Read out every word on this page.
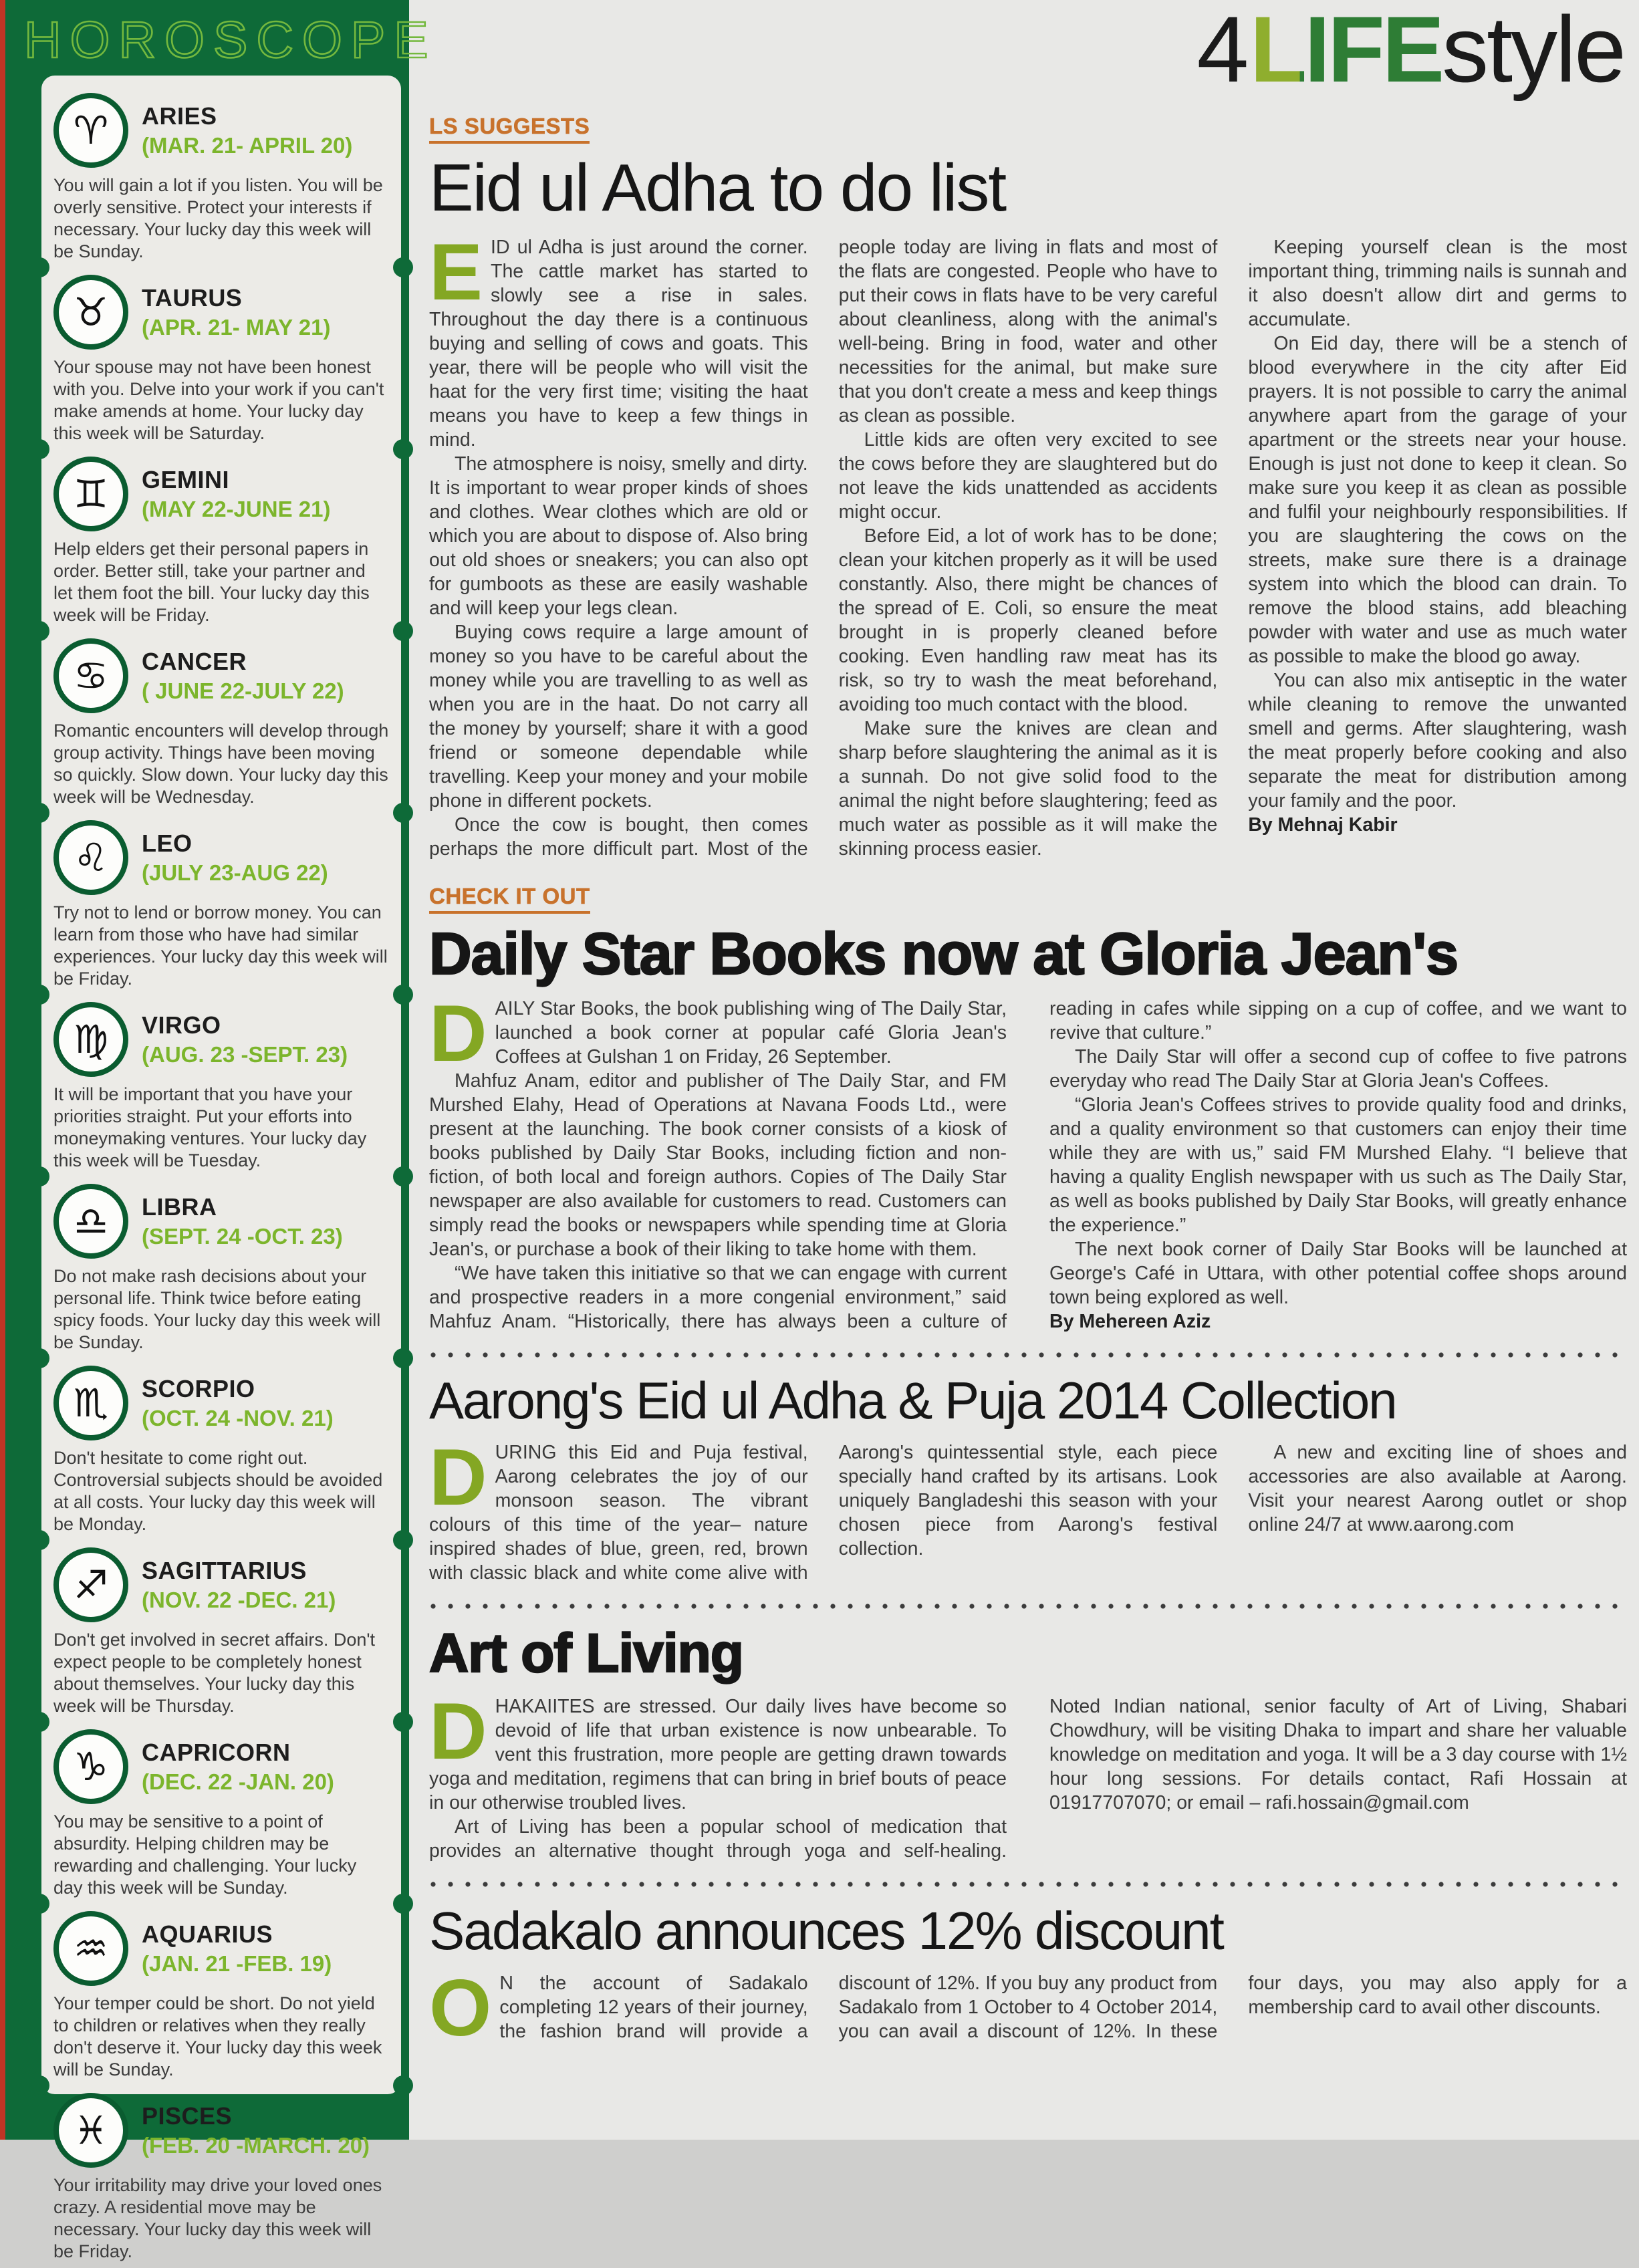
HOROSCOPE
♈ ARIES
(MAR. 21- APRIL 20)

You will gain a lot if you listen. You will be overly sensitive. Protect your interests if necessary. Your lucky day this week will be Sunday.

♉ TAURUS
(APR. 21- MAY 21)

Your spouse may not have been honest with you. Delve into your work if you can't make amends at home. Your lucky day this week will be Saturday.

♊ GEMINI
(MAY 22-JUNE 21)

Help elders get their personal papers in order. Better still, take your partner and let them foot the bill. Your lucky day this week will be Friday.

♋ CANCER
( JUNE 22-JULY 22)

Romantic encounters will develop through group activity. Things have been moving so quickly. Slow down. Your lucky day this week will be Wednesday.

♌ LEO
(JULY 23-AUG 22)

Try not to lend or borrow money. You can learn from those who have had similar experiences. Your lucky day this week will be Friday.

♍ VIRGO
(AUG. 23 -SEPT. 23)

It will be important that you have your priorities straight. Put your efforts into moneymaking ventures. Your lucky day this week will be Tuesday.

♎ LIBRA
(SEPT. 24 -OCT. 23)

Do not make rash decisions about your personal life. Think twice before eating spicy foods. Your lucky day this week will be Sunday.

♏ SCORPIO
(OCT. 24 -NOV. 21)

Don't hesitate to come right out. Controversial subjects should be avoided at all costs. Your lucky day this week will be Monday.

♐ SAGITTARIUS
(NOV. 22 -DEC. 21)

Don't get involved in secret affairs. Don't expect people to be completely honest about themselves. Your lucky day this week will be Thursday.

♑ CAPRICORN
(DEC. 22 -JAN. 20)

You may be sensitive to a point of absurdity. Helping children may be rewarding and challenging. Your lucky day this week will be Sunday.

♒ AQUARIUS
(JAN. 21 -FEB. 19)

Your temper could be short. Do not yield to children or relatives when they really don't deserve it. Your lucky day this week will be Sunday.

♓ PISCES
(FEB. 20 -MARCH. 20)

Your irritability may drive your loved ones crazy. A residential move may be necessary. Your lucky day this week will be Friday.

4 LIFEstyle
LS SUGGESTS
Eid ul Adha to do list

EID ul Adha is just around the corner. The cattle market has started to slowly see a rise in sales. Throughout the day there is a continuous buying and selling of cows and goats. This year, there will be people who will visit the haat for the very first time; visiting the haat means you have to keep a few things in mind.

The atmosphere is noisy, smelly and dirty. It is important to wear proper kinds of shoes and clothes. Wear clothes which are old or which you are about to dispose of. Also bring out old shoes or sneakers; you can also opt for gumboots as these are easily washable and will keep your legs clean.

Buying cows require a large amount of money so you have to be careful about the money while you are travelling to as well as when you are in the haat. Do not carry all the money by yourself; share it with a good friend or someone dependable while travelling. Keep your money and your mobile phone in different pockets.

Once the cow is bought, then comes perhaps the more difficult part. Most of the people today are living in flats and most of the flats are congested. People who have to put their cows in flats have to be very careful about cleanliness, along with the animal's well-being. Bring in food, water and other necessities for the animal, but make sure that you don't create a mess and keep things as clean as possible.

Little kids are often very excited to see the cows before they are slaughtered but do not leave the kids unattended as accidents might occur.

Before Eid, a lot of work has to be done; clean your kitchen properly as it will be used constantly. Also, there might be chances of the spread of E. Coli, so ensure the meat brought in is properly cleaned before cooking. Even handling raw meat has its risk, so try to wash the meat beforehand, avoiding too much contact with the blood.

Make sure the knives are clean and sharp before slaughtering the animal as it is a sunnah. Do not give solid food to the animal the night before slaughtering; feed as much water as possible as it will make the skinning process easier.

Keeping yourself clean is the most important thing, trimming nails is sunnah and it also doesn't allow dirt and germs to accumulate.

On Eid day, there will be a stench of blood everywhere in the city after Eid prayers. It is not possible to carry the animal anywhere apart from the garage of your apartment or the streets near your house. Enough is just not done to keep it clean. So make sure you keep it as clean as possible and fulfil your neighbourly responsibilities. If you are slaughtering the cows on the streets, make sure there is a drainage system into which the blood can drain. To remove the blood stains, add bleaching powder with water and use as much water as possible to make the blood go away.

You can also mix antiseptic in the water while cleaning to remove the unwanted smell and germs. After slaughtering, wash the meat properly before cooking and also separate the meat for distribution among your family and the poor.

By Mehnaj Kabir

CHECK IT OUT
Daily Star Books now at Gloria Jean's

DAILY Star Books, the book publishing wing of The Daily Star, launched a book corner at popular café Gloria Jean's Coffees at Gulshan 1 on Friday, 26 September.

Mahfuz Anam, editor and publisher of The Daily Star, and FM Murshed Elahy, Head of Operations at Navana Foods Ltd., were present at the launching. The book corner consists of a kiosk of books published by Daily Star Books, including fiction and non-fiction, of both local and foreign authors. Copies of The Daily Star newspaper are also available for customers to read. Customers can simply read the books or newspapers while spending time at Gloria Jean's, or purchase a book of their liking to take home with them.

“We have taken this initiative so that we can engage with current and prospective readers in a more congenial environment,” said Mahfuz Anam. “Historically, there has always been a culture of reading in cafes while sipping on a cup of coffee, and we want to revive that culture.”

The Daily Star will offer a second cup of coffee to five patrons everyday who read The Daily Star at Gloria Jean's Coffees.

“Gloria Jean's Coffees strives to provide quality food and drinks, and a quality environment so that customers can enjoy their time while they are with us,” said FM Murshed Elahy. “I believe that having a quality English newspaper with us such as The Daily Star, as well as books published by Daily Star Books, will greatly enhance the experience.”

The next book corner of Daily Star Books will be launched at George's Café in Uttara, with other potential coffee shops around town being explored as well.

By Mehereen Aziz

Aarong's Eid ul Adha & Puja 2014 Collection

DURING this Eid and Puja festival, Aarong celebrates the joy of our monsoon season. The vibrant colours of this time of the year– nature inspired shades of blue, green, red, brown with classic black and white come alive with Aarong's quintessential style, each piece specially hand crafted by its artisans. Look uniquely Bangladeshi this season with your chosen piece from Aarong's festival collection.

A new and exciting line of shoes and accessories are also available at Aarong. Visit your nearest Aarong outlet or shop online 24/7 at www.aarong.com

Art of Living

DHAKAIITES are stressed. Our daily lives have become so devoid of life that urban existence is now unbearable. To vent this frustration, more people are getting drawn towards yoga and meditation, regimens that can bring in brief bouts of peace in our otherwise troubled lives.

Art of Living has been a popular school of medication that provides an alternative thought through yoga and self-healing. Noted Indian national, senior faculty of Art of Living, Shabari Chowdhury, will be visiting Dhaka to impart and share her valuable knowledge on meditation and yoga. It will be a 3 day course with 1½ hour long sessions. For details contact, Rafi Hossain at 01917707070; or email – rafi.hossain@gmail.com

Sadakalo announces 12% discount

O N the account of Sadakalo completing 12 years of their journey, the fashion brand will provide a discount of 12%. If you buy any product from Sadakalo from 1 October to 4 October 2014, you can avail a discount of 12%. In these four days, you may also apply for a membership card to avail other discounts.
